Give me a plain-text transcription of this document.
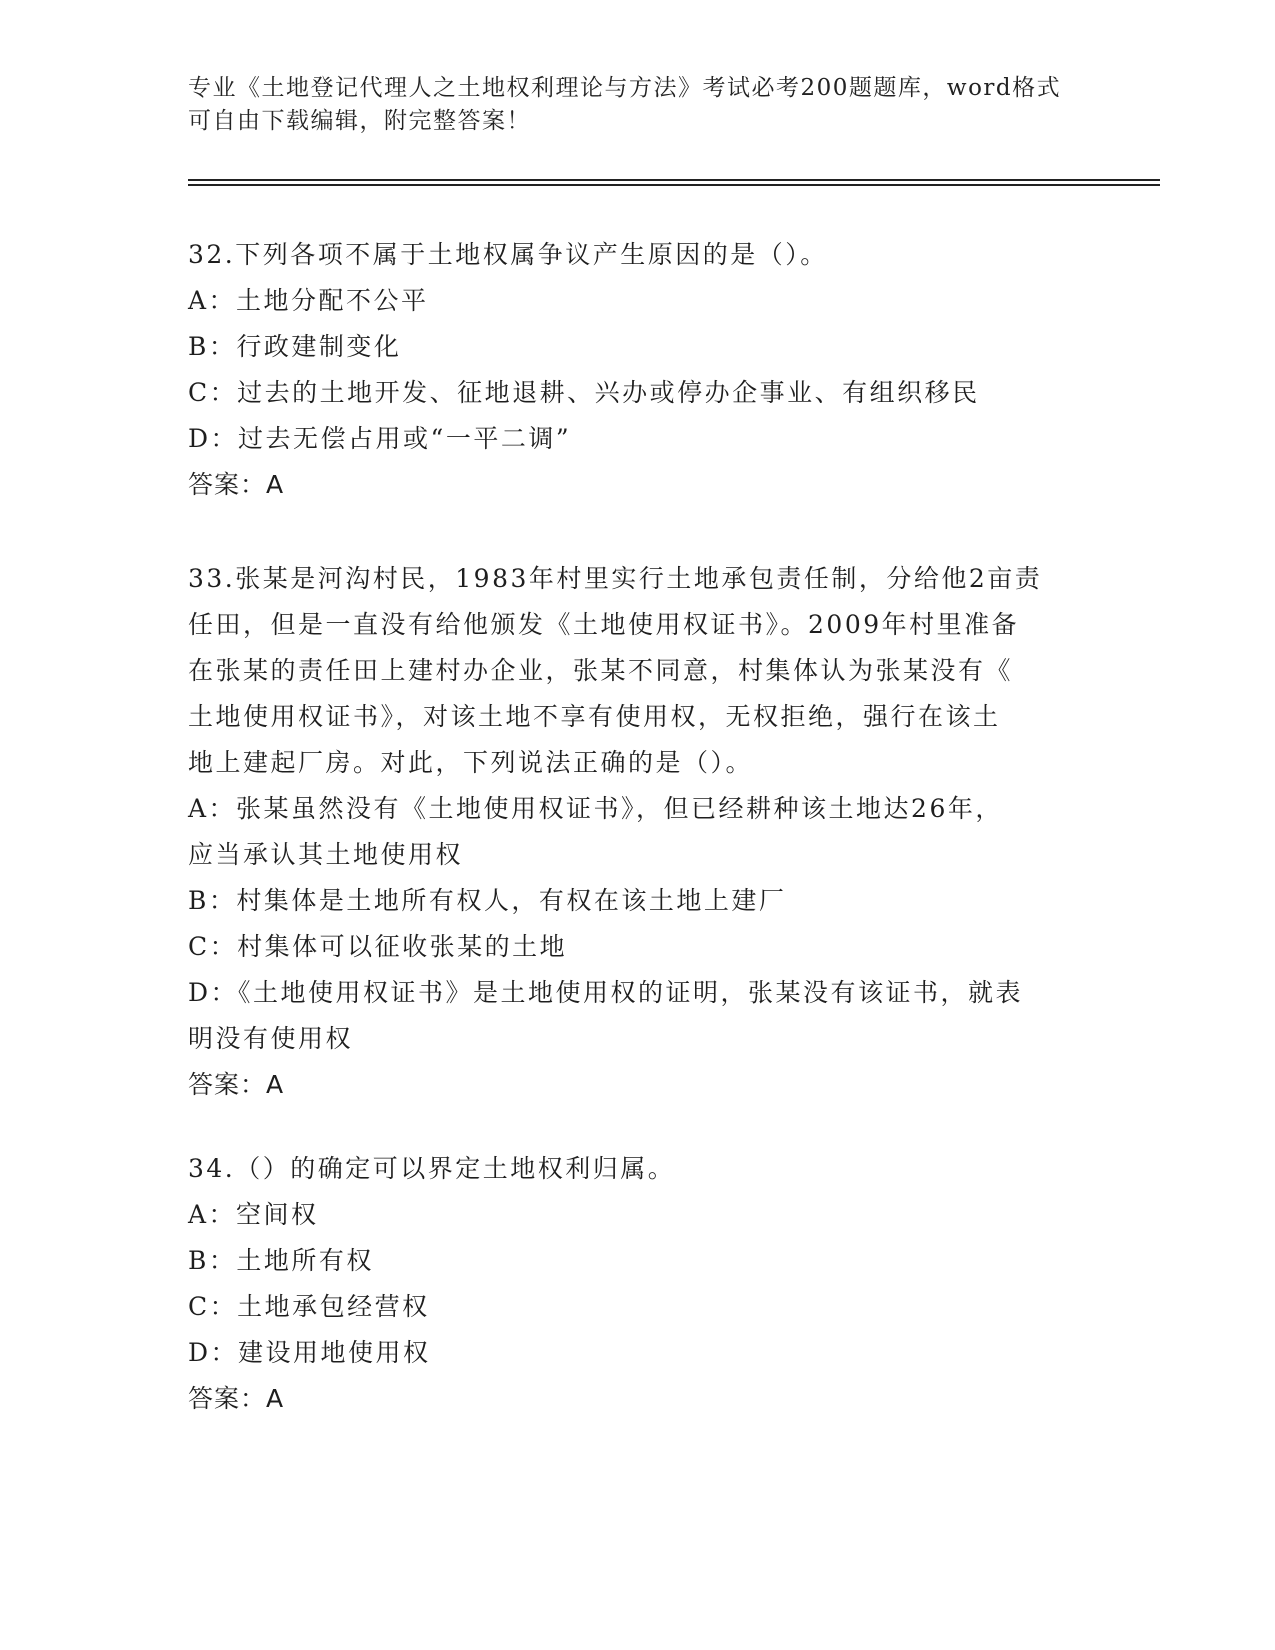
专业《土地登记代理人之土地权利理论与方法》考试必考200题题库，word格式
可自由下载编辑，附完整答案！
32.下列各项不属于土地权属争议产生原因的是（）。
A：土地分配不公平
B：行政建制变化
C：过去的土地开发、征地退耕、兴办或停办企事业、有组织移民
D：过去无偿占用或“一平二调”
答案：A
33.张某是河沟村民，1983年村里实行土地承包责任制，分给他2亩责
任田，但是一直没有给他颁发《土地使用权证书》。2009年村里准备
在张某的责任田上建村办企业，张某不同意，村集体认为张某没有《
土地使用权证书》，对该土地不享有使用权，无权拒绝，强行在该土
地上建起厂房。对此，下列说法正确的是（）。
A：张某虽然没有《土地使用权证书》，但已经耕种该土地达26年，
应当承认其土地使用权
B：村集体是土地所有权人，有权在该土地上建厂
C：村集体可以征收张某的土地
D：《土地使用权证书》是土地使用权的证明，张某没有该证书，就表
明没有使用权
答案：A
34.（）的确定可以界定土地权利归属。
A：空间权
B：土地所有权
C：土地承包经营权
D：建设用地使用权
答案：A
